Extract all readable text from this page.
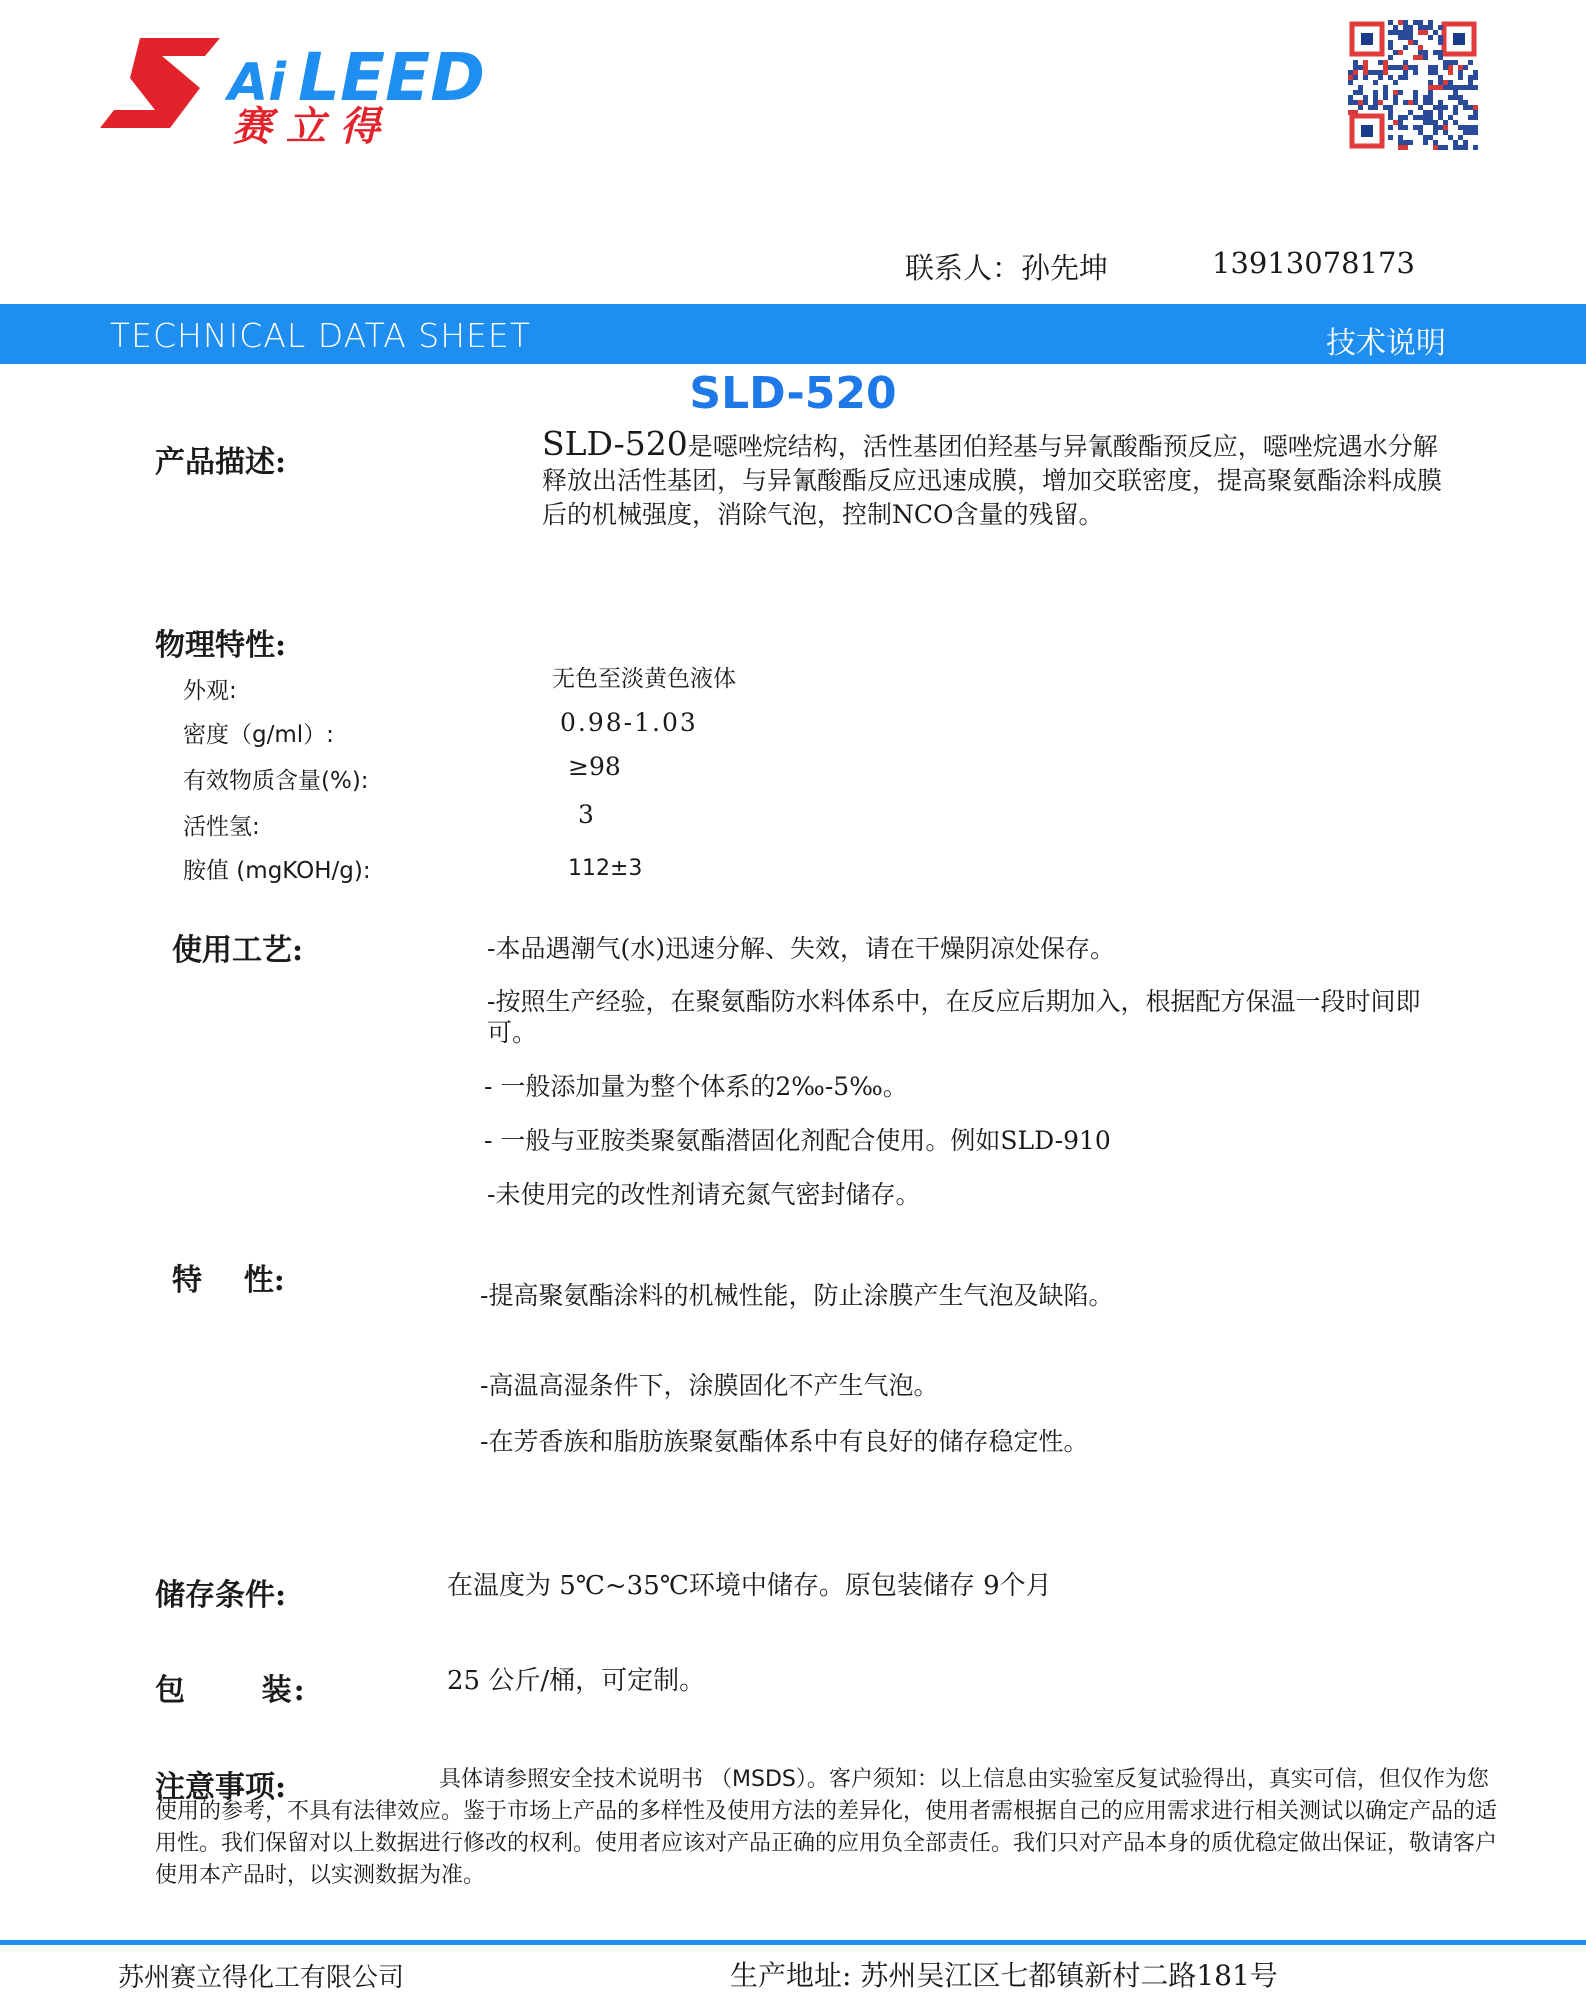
Ai LEED
赛 立 得
联系人：孙先坤	13913078173
TECHNICAL DATA SHEET	技术说明
SLD-520
产品描述:	SLD-520是噁唑烷结构，活性基团伯羟基与异氰酸酯预反应，噁唑烷遇水分解释放出活性基团，与异氰酸酯反应迅速成膜，增加交联密度，提高聚氨酯涂料成膜后的机械强度，消除气泡，控制NCO含量的残留。
物理特性:
外观:	无色至淡黄色液体
密度（g/ml）:	0.98-1.03
有效物质含量(%):	≥98
活性氢:	3
胺值 (mgKOH/g):	112±3
使用工艺:	-本品遇潮气(水)迅速分解、失效，请在干燥阴凉处保存。
-按照生产经验，在聚氨酯防水料体系中，在反应后期加入，根据配方保温一段时间即可。
- 一般添加量为整个体系的2‰-5‰。
- 一般与亚胺类聚氨酯潜固化剂配合使用。例如SLD-910
-未使用完的改性剂请充氮气密封储存。
特    性:	-提高聚氨酯涂料的机械性能，防止涂膜产生气泡及缺陷。
-高温高湿条件下，涂膜固化不产生气泡。
-在芳香族和脂肪族聚氨酯体系中有良好的储存稳定性。
储存条件:	在温度为 5℃~35℃环境中储存。原包装储存 9个月
包      装:	25 公斤/桶，可定制。
注意事项:	具体请参照安全技术说明书 （MSDS）。客户须知：以上信息由实验室反复试验得出，真实可信，但仅作为您使用的参考，不具有法律效应。鉴于市场上产品的多样性及使用方法的差异化，使用者需根据自己的应用需求进行相关测试以确定产品的适用性。我们保留对以上数据进行修改的权利。使用者应该对产品正确的应用负全部责任。我们只对产品本身的质优稳定做出保证，敬请客户使用本产品时，以实测数据为准。
苏州赛立得化工有限公司	生产地址: 苏州吴江区七都镇新村二路181号
